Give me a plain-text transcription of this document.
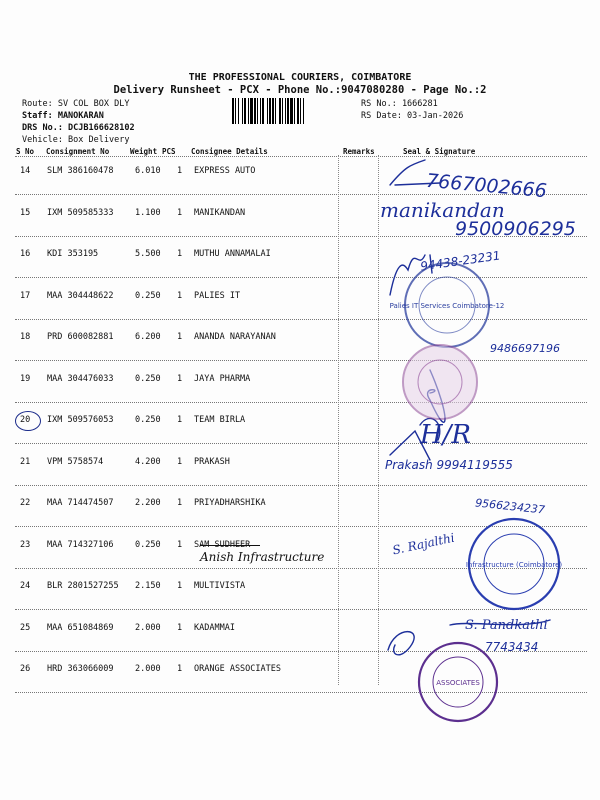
THE PROFESSIONAL COURIERS, COIMBATORE
Delivery Runsheet - PCX - Phone No.:9047080280 - Page No.:2
Route: SV COL BOX DLY
Staff: MANOKARAN
DRS No.: DCJB166628102
Vehicle: Box Delivery
RS No.: 1666281
RS Date: 03-Jan-2026
S No Consignment No	Weight PCS Consignee Details	Remarks	Seal & Signature
14 SLM 386160478	6.010 1 EXPRESS AUTO
15 IXM 509585333	1.100 1 MANIKANDAN
16 KDI 353195	5.500 1 MUTHU ANNAMALAI
17 MAA 304448622	0.250 1 PALIES IT
18 PRD 600082881	6.200 1 ANANDA NARAYANAN
19 MAA 304476033	0.250 1 JAYA PHARMA
20 IXM 509576053	0.250 1 TEAM BIRLA
21 VPM 5758574	4.200 1 PRAKASH
22 MAA 714474507	2.200 1 PRIYADHARSHIKA
23 MAA 714327106	0.250 1 SAM SUDHEER
24 BLR 2801527255 2.150 1 MULTIVISTA
25 MAA 651084869	2.000 1 KADAMMAI
26 HRD 363066009	2.000 1 ORANGE ASSOCIATES
7667002666
manikandan
9500906295
94438-23231
9486697196
H/R
Prakash 9994119555
9566234237
Anish Infrastructure	S. Rajalthi
S. Pandkathi
7743434
Palies IT Services Coimbatore-12
Infrastructure (Coimbatore)
ASSOCIATES
